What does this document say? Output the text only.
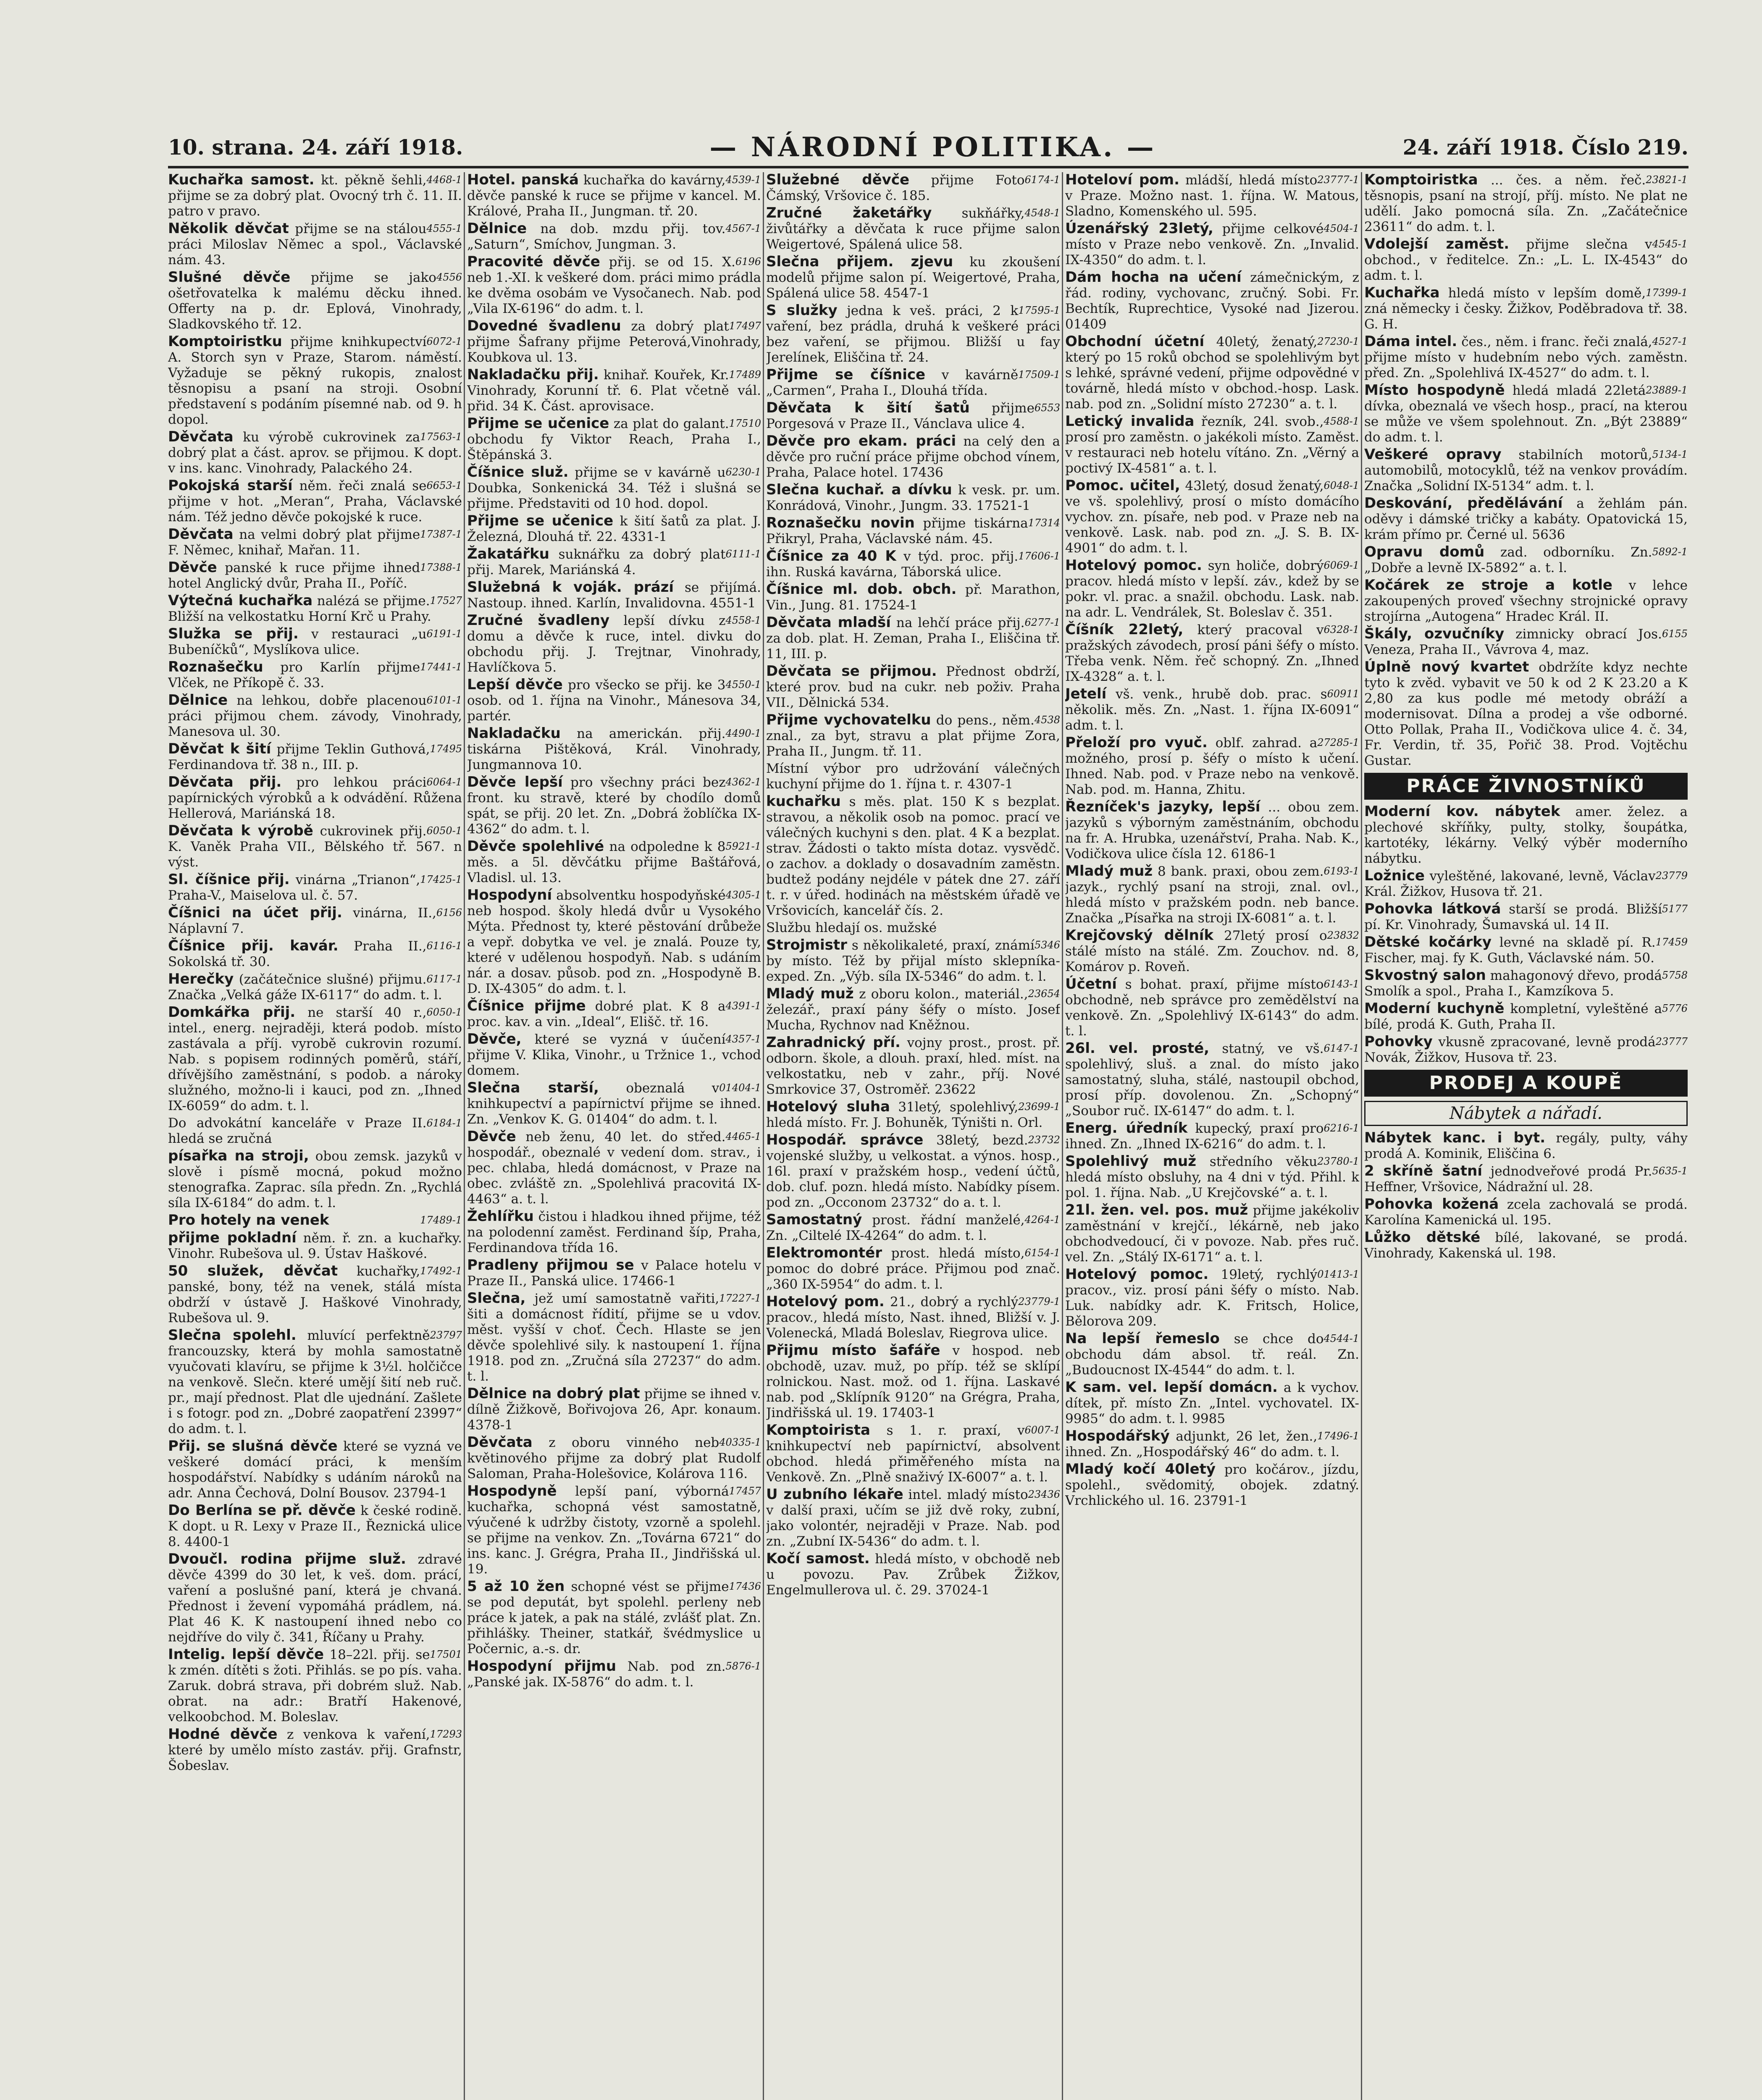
10. strana. 24. září 1918.	— NÁRODNÍ POLITIKA. —	24. září 1918. Číslo 219.
4468-1
Kuchařka samost. kt. pěkně šehli, přijme se za dobrý plat. Ovocný trh č. 11. II. patro v pravo.
4555-1
Několik děvčat přijme se na stálou práci Miloslav Němec a spol., Václavské nám. 43.
4556
Slušné děvče přijme se jako ošetřovatelka k malému děcku ihned. Offerty na p. dr. Eplová, Vinohrady, Sladkovského tř. 12.
6072-1
Komptoiristku přijme knihkupectví A. Storch syn v Praze, Starom. náměstí. Vyžaduje se pěkný rukopis, znalost těsnopisu a psaní na stroji. Osobní představení s podáním písemné nab. od 9. h dopol.
17563-1
Děvčata ku výrobě cukrovinek za dobrý plat a část. aprov. se přijmou. K dopt. v ins. kanc. Vinohrady, Palackého 24.
6653-1
Pokojská starší něm. řeči znalá se přijme v hot. „Meran“, Praha, Václavské nám. Též jedno děvče pokojské k ruce.
17387-1
Děvčata na velmi dobrý plat přijme F. Němec, knihař, Mařan. 11.
17388-1
Děvče panské k ruce přijme ihned hotel Anglický dvůr, Praha II., Poříč.
17527
Výtečná kuchařka nalézá se přijme. Bližší na velkostatku Horní Krč u Prahy.
6191-1
Služka se přij. v restauraci „u Bubeníčků“, Myslíkova ulice.
17441-1
Roznašečku pro Karlín přijme Vlček, ne Příkopě č. 33.
6101-1
Dělnice na lehkou, dobře placenou práci přijmou chem. závody, Vinohrady, Manesova ul. 30.
17495
Děvčat k šití přijme Teklin Guthová, Ferdinandova tř. 38 n., III. p.
6064-1
Děvčata přij. pro lehkou práci papírnických výrobků a k odvádění. Růžena Hellerová, Mariánská 18.
6050-1
Děvčata k výrobě cukrovinek přij. K. Vaněk Praha VII., Bělského tř. 567. n výst.
17425-1
Sl. číšnice přij. vinárna „Trianon“, Praha-V., Maiselova ul. č. 57.
6156
Číšnici na účet přij. vinárna, II., Náplavní 7.
6116-1
Číšnice přij. kavár. Praha II., Sokolská tř. 30.
6117-1
Herečky (začátečnice slušné) přijmu. Značka „Velká gáže IX-6117“ do adm. t. l.
6050-1
Domkářka přij. ne starší 40 r., intel., energ. nejraději, která podob. místo zastávala a příj. vyrobě cukrovin rozumí. Nab. s popisem rodinných poměrů, stáří, dřívějšího zaměstnání, s podob. a nároky služného, možno-li i kauci, pod zn. „Ihned IX-6059“ do adm. t. l.
6184-1
Do advokátní kanceláře v Praze II. hledá se zručná
písařka na stroji, obou zemsk. jazyků v slově i písmě mocná, pokud možno stenografka. Zaprac. síla předn. Zn. „Rychlá síla IX-6184“ do adm. t. l.
17489-1
Pro hotely na venek
přijme pokladní něm. ř. zn. a kuchařky. Vinohr. Rubešova ul. 9. Ústav Haškové.
17492-1
50 služek, děvčat kuchařky, panské, bony, též na venek, stálá místa obdrží v ústavě J. Haškové Vinohrady, Rubešova ul. 9.
23797
Slečna spolehl. mluvící perfektně francouzsky, která by mohla samostatně vyučovati klavíru, se přijme k 3½l. holčičce na venkově. Slečn. které umějí šití neb ruč. pr., mají přednost. Plat dle ujednání. Zašlete i s fotogr. pod zn. „Dobré zaopatření 23997“ do adm. t. l.
Přij. se slušná děvče které se vyzná ve veškeré domácí práci, k menším hospodářství. Nabídky s udáním nároků na adr. Anna Čechová, Dolní Bousov. 23794-1
Do Berlína se př. děvče k české rodině. K dopt. u R. Lexy v Praze II., Řeznická ulice 8. 4400-1
Dvoučl. rodina přijme služ. zdravé děvče 4399 do 30 let, k veš. dom. prácí, vaření a poslušné paní, která je chvaná. Přednost i ževení vypomáhá prádlem, ná. Plat 46 K. K nastoupení ihned nebo co nejdříve do vily č. 341, Říčany u Prahy.
17501
Intelig. lepší děvče 18–22l. přij. se k zmén. dítěti s žoti. Přihlás. se po pís. vaha. Zaruk. dobrá strava, při dobrém služ. Nab. obrat. na adr.: Bratří Hakenové, velkoobchod. M. Boleslav.
17293
Hodné děvče z venkova k vaření, které by umělo místo zastáv. přij. Grafnstr, Šobeslav.
4539-1
Hotel. panská kuchařka do kavárny, děvče panské k ruce se přijme v kancel. M. Králové, Praha II., Jungman. tř. 20.
4567-1
Dělnice na dob. mzdu přij. tov. „Saturn“, Smíchov, Jungman. 3.
6196
Pracovité děvče přij. se od 15. X. neb 1.-XI. k veškeré dom. práci mimo prádla ke dvěma osobám ve Vysočanech. Nab. pod „Vila IX-6196“ do adm. t. l.
17497
Dovedné švadlenu za dobrý plat přijme Šafrany přijme Peterová,Vinohrady, Koubkova ul. 13.
17489
Nakladačku přij. knihař. Kouřek, Kr. Vinohrady, Korunní tř. 6. Plat včetně vál. přid. 34 K. Část. aprovisace.
17510
Přijme se učenice za plat do galant. obchodu fy Viktor Reach, Praha I., Štěpánská 3.
6230-1
Číšnice služ. přijme se v kavárně u Doubka, Sonkenická 34. Též i slušná se přijme. Představiti od 10 hod. dopol.
Přijme se učenice k šití šatů za plat. J. Železná, Dlouhá tř. 22. 4331-1
6111-1
Žakatářku suknářku za dobrý plat přij. Marek, Mariánská 4.
Služebná k voják. prází se přijímá. Nastoup. ihned. Karlín, Invalidovna. 4551-1
4558-1
Zručné švadleny lepší dívku z domu a děvče k ruce, intel. divku do obchodu přij. J. Trejtnar, Vinohrady, Havlíčkova 5.
4550-1
Lepší děvče pro všecko se přij. ke 3 osob. od 1. října na Vinohr., Mánesova 34, partér.
4490-1
Nakladačku na americkán. přij. tiskárna Pištěková, Král. Vinohrady, Jungmannova 10.
4362-1
Děvče lepší pro všechny práci bez front. ku stravě, které by chodílo domů spát, se přij. 20 let. Zn. „Dobrá žoblíčka IX-4362“ do adm. t. l.
5921-1
Děvče spolehlivé na odpoledne k 8 měs. a 5l. děvčátku přijme Baštářová, Vladisl. ul. 13.
4305-1
Hospodyní absolventku hospodyňské neb hospod. školy hledá dvůr u Vysokého Mýta. Přednost ty, které pěstování drůbeže a vepř. dobytka ve vel. je znalá. Pouze ty, které v udělenou hospodyň. Nab. s udáním nár. a dosav. působ. pod zn. „Hospodyně B. D. IX-4305“ do adm. t. l.
4391-1
Číšnice přijme dobré plat. K 8 a proc. kav. a vin. „Ideal“, Elišč. tř. 16.
4357-1
Děvče, které se vyzná v úučení přijme V. Klika, Vinohr., u Tržnice 1., vchod domem.
01404-1
Slečna starší, obeznalá v knihkupectví a papírnictví přijme se ihned. Zn. „Venkov K. G. 01404“ do adm. t. l.
4465-1
Děvče neb ženu, 40 let. do střed. hospodář., obeznalé v vedení dom. strav., i pec. chlaba, hledá domácnost, v Praze na obec. zvláště zn. „Spolehlivá pracovitá IX-4463“ a. t. l.
Žehlířku čistou i hladkou ihned přijme, též na polodenní zaměst. Ferdinand šíp, Praha, Ferdinandova třída 16.
Pradleny přijmou se v Palace hotelu v Praze II., Panská ulice. 17466-1
17227-1
Slečna, jež umí samostatně vařiti, šiti a domácnost řídití, přijme se u vdov. měst. vyšší v choť. Čech. Hlaste se jen děvče spolehlivé sily. k nastoupení 1. října 1918. pod zn. „Zručná síla 27237“ do adm. t. l.
Dělnice na dobrý plat přijme se ihned v. dílně Žižkově, Bořivojova 26, Apr. konaum. 4378-1
40335-1
Děvčata z oboru vinného neb květinového přijme za dobrý plat Rudolf Saloman, Praha-Holešovice, Kolárova 116.
17457
Hospodyně lepší paní, výborná kuchařka, schopná vést samostatně, výučené k udržby čistoty, vzorně a spolehl. se přijme na venkov. Zn. „Továrna 6721“ do ins. kanc. J. Grégra, Praha II., Jindřišská ul. 19.
17436
5 až 10 žen schopné vést se přijme se pod deputát, byt spolehl. perleny neb práce k jatek, a pak na stálé, zvlášť plat. Zn. přihlášky. Theiner, statkář, švédmyslice u Počernic, a.-s. dr.
5876-1
Hospodyní přijmu Nab. pod zn. „Panské jak. IX-5876“ do adm. t. l.
6174-1
Služebné děvče přijme Foto Čámský, Vršovice č. 185.
4548-1
Zručné žaketářky sukňářky, živůtářky a děvčata k ruce přijme salon Weigertové, Spálená ulice 58.
Slečna přijem. zjevu ku zkoušení modelů přijme salon pí. Weigertové, Praha, Spálená ulice 58. 4547-1
17595-1
S služky jedna k veš. práci, 2 k vaření, bez prádla, druhá k veškeré práci bez vaření, se přijmou. Bližší u fay Jerelínek, Eliščina tř. 24.
17509-1
Přijme se číšnice v kavárně „Carmen“, Praha I., Dlouhá třída.
6553
Děvčata k šití šatů přijme Porgesová v Praze II., Vánclava ulice 4.
Děvče pro ekam. práci na celý den a děvče pro ruční práce přijme obchod vínem, Praha, Palace hotel. 17436
Slečna kuchař. a dívku k vesk. pr. um. Konrádová, Vinohr., Jungm. 33. 17521-1
17314
Roznašečku novin přijme tiskárna Přikryl, Praha, Václavské nám. 45.
17606-1
Číšnice za 40 K v týd. proc. přij. ihn. Ruská kavárna, Táborská ulice.
Číšnice ml. dob. obch. př. Marathon, Vin., Jung. 81. 17524-1
6277-1
Děvčata mladší na lehčí práce přij. za dob. plat. H. Zeman, Praha I., Eliščina tř. 11, III. p.
Děvčata se přijmou. Přednost obdrží, které prov. bud na cukr. neb poživ. Praha VII., Dělnická 534.
4538
Přijme vychovatelku do pens., něm. znal., za byt, stravu a plat přijme Zora, Praha II., Jungm. tř. 11.
Místní výbor pro udržování válečných kuchyní přijme do 1. října t. r. 4307-1
kuchařku s měs. plat. 150 K s bezplat. stravou, a několik osob na pomoc. prací ve válečných kuchyni s den. plat. 4 K a bezplat. strav. Žádosti o takto místa dotaz. vysvědč. o zachov. a doklady o dosavadním zaměstn. budtež podány nejdéle v pátek dne 27. září t. r. v úřed. hodinách na městském úřadě ve Vršovicích, kancelář čís. 2.
Službu hledají os. mužské
5346
Strojmistr s několikaleté, praxí, známí by místo. Též by přijal místo sklepníka-exped. Zn. „Výb. síla IX-5346“ do adm. t. l.
23654
Mladý muž z oboru kolon., materiál., železář., praxí pány šéfy o místo. Josef Mucha, Rychnov nad Kněžnou.
Zahradnický pří. vojny prost., prost. př. odborn. škole, a dlouh. praxí, hled. míst. na velkostatku, neb v zahr., příj. Nové Smrkovice 37, Ostroměř. 23622
23699-1
Hotelový sluha 31letý, spolehlivý, hledá místo. Fr. J. Bohuněk, Týništi n. Orl.
23732
Hospodář. správce 38letý, bezd. vojenské služby, u velkostat. a výnos. hosp., 16l. praxí v pražském hosp., vedení účtů, dob. cluf. pozn. hledá místo. Nabídky písem. pod zn. „Occonom 23732“ do a. t. l.
4264-1
Samostatný prost. řádní manželé, Zn. „Ciltelé IX-4264“ do adm. t. l.
6154-1
Elektromontér prost. hledá místo, pomoc do dobré práce. Přijmou pod znač. „360 IX-5954“ do adm. t. l.
23779-1
Hotelový pom. 21., dobrý a rychlý pracov., hledá místo, Nast. ihned, Bližší v. J. Volenecká, Mladá Boleslav, Riegrova ulice.
Přijmu místo šafáře v hospod. neb obchodě, uzav. muž, po příp. též se sklípí rolnickou. Nast. mož. od 1. října. Laskavé nab. pod „Sklípník 9120“ na Grégra, Praha, Jindřišská ul. 19. 17403-1
6007-1
Komptoirista s 1. r. praxí, v knihkupectví neb papírnictví, absolvent obchod. hledá přiměřeného místa na Venkově. Zn. „Plně snaživý IX-6007“ a. t. l.
23436
U zubního lékaře intel. mladý místo v další praxi, učím se již dvě roky, zubní, jako volontér, nejraději v Praze. Nab. pod zn. „Zubní IX-5436“ do adm. t. l.
Kočí samost. hledá místo, v obchodě neb u povozu. Pav. Zrůbek Žižkov, Engelmullerova ul. č. 29. 37024-1
23777-1
Hoteloví pom. mládší, hledá místo v Praze. Možno nast. 1. října. W. Matous, Sladno, Komenského ul. 595.
4504-1
Úzenářský 23letý, přijme celkové místo v Praze nebo venkově. Zn. „Invalid. IX-4350“ do adm. t. l.
Dám hocha na učení zámečnickým, z řád. rodiny, vychovanc, zručný. Sobi. Fr. Bechtík, Ruprechtice, Vysoké nad Jizerou. 01409
27230-1
Obchodní účetní 40letý, ženatý, který po 15 roků obchod se spolehlivým byt s lehké, správné vedení, přijme odpovědné v továrně, hledá místo v obchod.-hosp. Lask. nab. pod zn. „Solidní místo 27230“ a. t. l.
4588-1
Letický invalida řezník, 24l. svob., prosí pro zaměstn. o jakékoli místo. Zaměst. v restauraci neb hotelu vítáno. Zn. „Věrný a poctivý IX-4581“ a. t. l.
6048-1
Pomoc. učitel, 43letý, dosud ženatý, ve vš. spolehlivý, prosí o místo domácího vychov. zn. písaře, neb pod. v Praze neb na venkově. Lask. nab. pod zn. „J. S. B. IX-4901“ do adm. t. l.
6069-1
Hotelový pomoc. syn holiče, dobrý pracov. hledá místo v lepší. záv., kdež by se pokr. vl. prac. a snažil. obchodu. Lask. nab. na adr. L. Vendrálek, St. Boleslav č. 351.
6328-1
Číšník 22letý, který pracoval v pražských závodech, prosí páni šéfy o místo. Třeba venk. Něm. řeč schopný. Zn. „Ihned IX-4328“ a. t. l.
60911
Jetelí vš. venk., hrubě dob. prac. s několik. měs. Zn. „Nast. 1. října IX-6091“ adm. t. l.
27285-1
Přeloží pro vyuč. oblf. zahrad. a možného, prosí p. šéfy o místo k učení. Ihned. Nab. pod. v Praze nebo na venkově. Nab. pod. m. Hanna, Zhitu.
Řezníček's jazyky, lepší ... obou zem. jazyků s výborným zaměstnáním, obchodu na fr. A. Hrubka, uzenářství, Praha. Nab. K., Vodičkova ulice čísla 12. 6186-1
6193-1
Mladý muž 8 bank. praxi, obou zem. jazyk., rychlý psaní na stroji, znal. ovl., hledá místo v pražském podn. neb bance. Značka „Písařka na stroji IX-6081“ a. t. l.
23832
Krejčovský dělník 27letý prosí o stálé místo na stálé. Zm. Zouchov. nd. 8, Komárov p. Roveň.
6143-1
Účetní s bohat. praxí, přijme místo obchodně, neb správce pro zemědělství na venkově. Zn. „Spolehlivý IX-6143“ do adm. t. l.
6147-1
26l. vel. prosté, statný, ve vš. spolehlivý, sluš. a znal. do místo jako samostatný, sluha, stálé, nastoupil obchod, prosí příp. dovolenou. Zn. „Schopný“ „Soubor ruč. IX-6147“ do adm. t. l.
6216-1
Energ. úředník kupecký, praxí pro ihned. Zn. „Ihned IX-6216“ do adm. t. l.
23780-1
Spolehlivý muž středního věku hledá místo obsluhy, na 4 dni v týd. Přihl. k pol. 1. října. Nab. „U Krejčovské“ a. t. l.
21l. žen. vel. pos. muž přijme jakékoliv zaměstnání v krejčí., lékárně, neb jako obchodvedoucí, či v povoze. Nab. přes ruč. vel. Zn. „Stálý IX-6171“ a. t. l.
01413-1
Hotelový pomoc. 19letý, rychlý pracov., viz. prosí páni šéfy o místo. Nab. Luk. nabídky adr. K. Fritsch, Holice, Bělorova 209.
4544-1
Na lepší řemeslo se chce do obchodu dám absol. tř. reál. Zn. „Budoucnost IX-4544“ do adm. t. l.
K sam. vel. lepší domácn. a k vychov. dítek, př. místo Zn. „Intel. vychovatel. IX-9985“ do adm. t. l. 9985
17496-1
Hospodářský adjunkt, 26 let, žen., ihned. Zn. „Hospodářský 46“ do adm. t. l.
Mladý kočí 40letý pro kočárov., jízdu, spolehl., svědomitý, obojek. zdatný. Vrchlického ul. 16. 23791-1
23821-1
Komptoiristka ... čes. a něm. řeč. těsnopis, psaní na strojí, příj. místo. Ne plat ne udělí. Jako pomocná síla. Zn. „Začátečnice 23611“ do adm. t. l.
4545-1
Vdolejší zaměst. přijme slečna v obchod., v ředitelce. Zn.: „L. L. IX-4543“ do adm. t. l.
17399-1
Kuchařka hledá místo v lepším domě, zná německy i česky. Žižkov, Poděbradova tř. 38. G. H.
4527-1
Dáma intel. čes., něm. i franc. řeči znalá, přijme místo v hudebním nebo vých. zaměstn. před. Zn. „Spolehlivá IX-4527“ do adm. t. l.
23889-1
Místo hospodyně hledá mladá 22letá dívka, obeznalá ve všech hosp., prací, na kterou se může ve všem spolehnout. Zn. „Být 23889“ do adm. t. l.
5134-1
Veškeré opravy stabilních motorů, automobilů, motocyklů, též na venkov provádím. Značka „Solidní IX-5134“ adm. t. l.
Deskování, předělávání a žehlám pán. oděvy i dámské tričky a kabáty. Opatovická 15, krám přímo pr. Černé ul. 5636
5892-1
Opravu domů zad. odborníku. Zn. „Dobře a levně IX-5892“ a. t. l.
Kočárek ze stroje a kotle v lehce zakoupených proveď všechny strojnické opravy strojírna „Autogena“ Hradec Král. II.
6155
Škály, ozvučníky zimnicky obrací Jos. Veneza, Praha II., Vávrova 4, maz.
Úplně nový kvartet obdržíte kdyz nechte tyto k zvěd. vybavit ve 50 k od 2 K 23.20 a K 2,80 za kus podle mé metody obráží a modernisovat. Dílna a prodej a vše odborné. Otto Pollak, Praha II., Vodičkova ulice 4. č. 34, Fr. Verdin, tř. 35, Pořič 38. Prod. Vojtěchu Gustar.
PRÁCE ŽIVNOSTNÍKŮ
Moderní kov. nábytek amer. želez. a plechové skříňky, pulty, stolky, šoupátka, kartotéky, lékárny. Velký výběr moderního nábytku.
23779
Ložnice vyleštěné, lakované, levně, Václav Král. Žižkov, Husova tř. 21.
5177
Pohovka látková starší se prodá. Bližší pí. Kr. Vinohrady, Šumavská ul. 14 II.
17459
Dětské kočárky levné na skladě pí. R. Fischer, maj. fy K. Guth, Václavské nám. 50.
5758
Skvostný salon mahagonový dřevo, prodá Smolík a spol., Praha I., Kamzíkova 5.
5776
Moderní kuchyně kompletní, vyleštěné a bílé, prodá K. Guth, Praha II.
23777
Pohovky vkusně zpracované, levně prodá Novák, Žižkov, Husova tř. 23.
PRODEJ A KOUPĚ
Nábytek a nářadí.
Nábytek kanc. i byt. regály, pulty, váhy prodá A. Kominik, Eliščina 6.
5635-1
2 skříně šatní jednodveřové prodá Pr. Heffner, Vršovice, Nádražní ul. 28.
Pohovka kožená zcela zachovalá se prodá. Karolína Kamenická ul. 195.
Lůžko dětské bílé, lakované, se prodá. Vinohrady, Kakenská ul. 198.
